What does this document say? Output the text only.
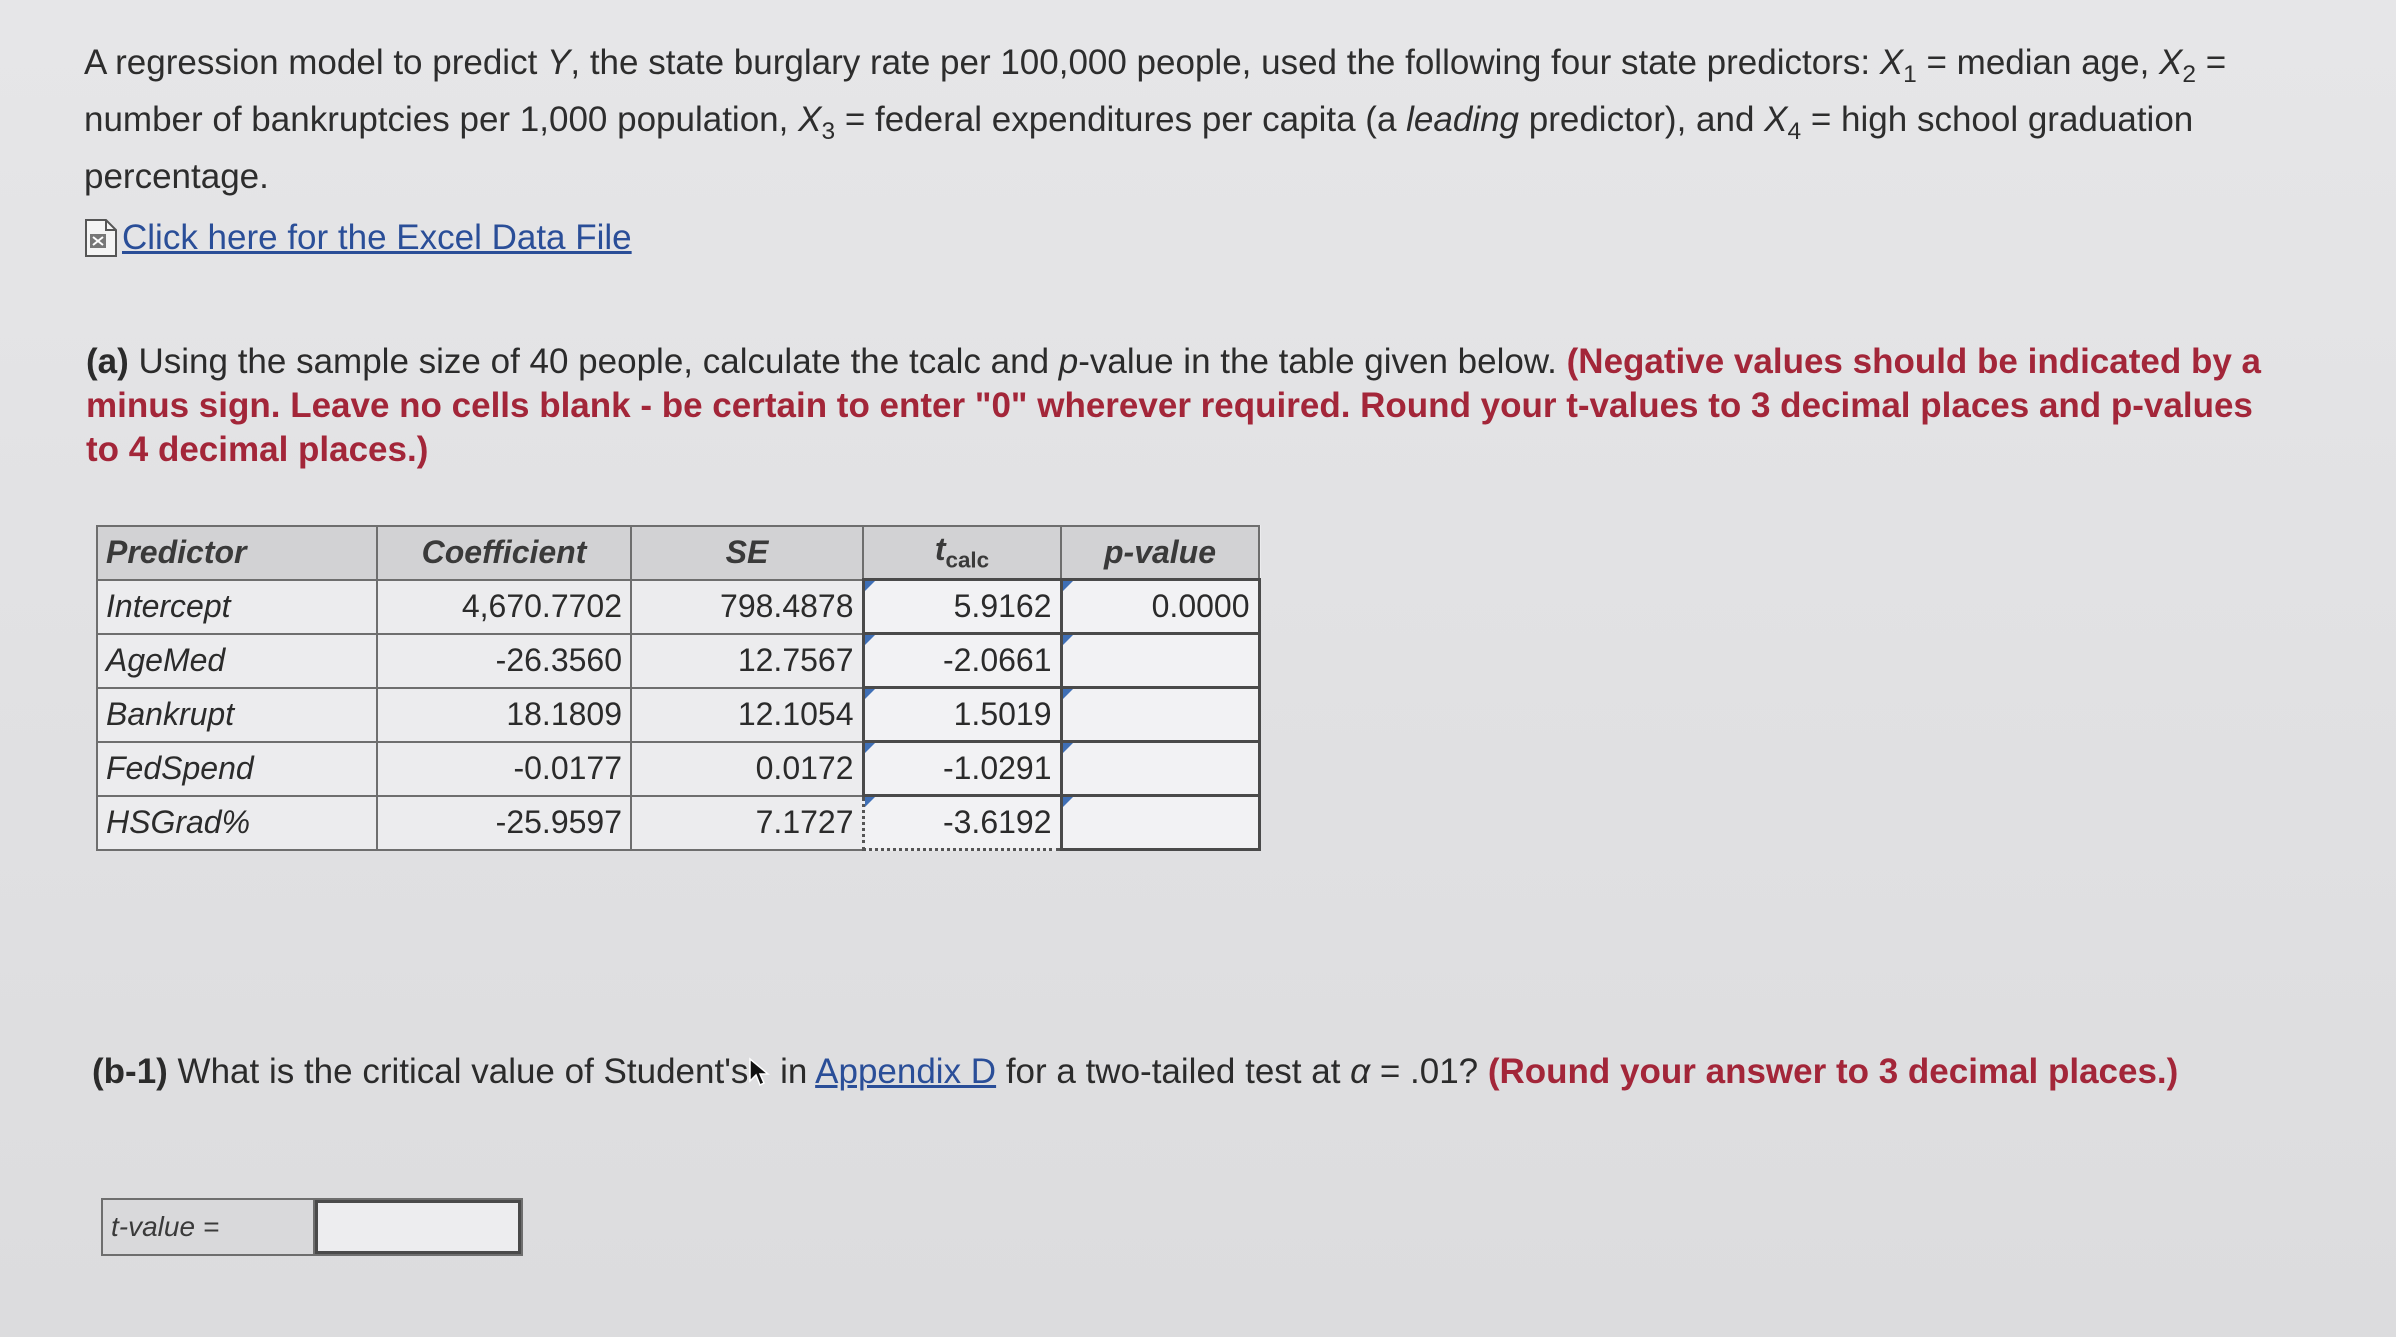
A regression model to predict Y, the state burglary rate per 100,000 people, used the following four state predictors: $X_1$ = median age, $X_2$ = number of bankruptcies per 1,000 population, $X_3$ = federal expenditures per capita (a leading predictor), and $X_4$ = high school graduation percentage.
Click here for the Excel Data File
(a) Using the sample size of 40 people, calculate the tcalc and p-value in the table given below. (Negative values should be indicated by a minus sign. Leave no cells blank - be certain to enter "0" wherever required. Round your t-values to 3 decimal places and p-values to 4 decimal places.)
Predictor	Coefficient	SE	$t_{calc}$	p-value
Intercept	4,670.7702	798.4878	5.9162	0.0000
AgeMed	-26.3560	12.7567	-2.0661	
Bankrupt	18.1809	12.1054	1.5019	
FedSpend	-0.0177	0.0172	-1.0291	
HSGrad%	-25.9597	7.1727	-3.6192	
(b-1) What is the critical value of Student's in Appendix D for a two-tailed test at α = .01? (Round your answer to 3 decimal places.)
t-value =
